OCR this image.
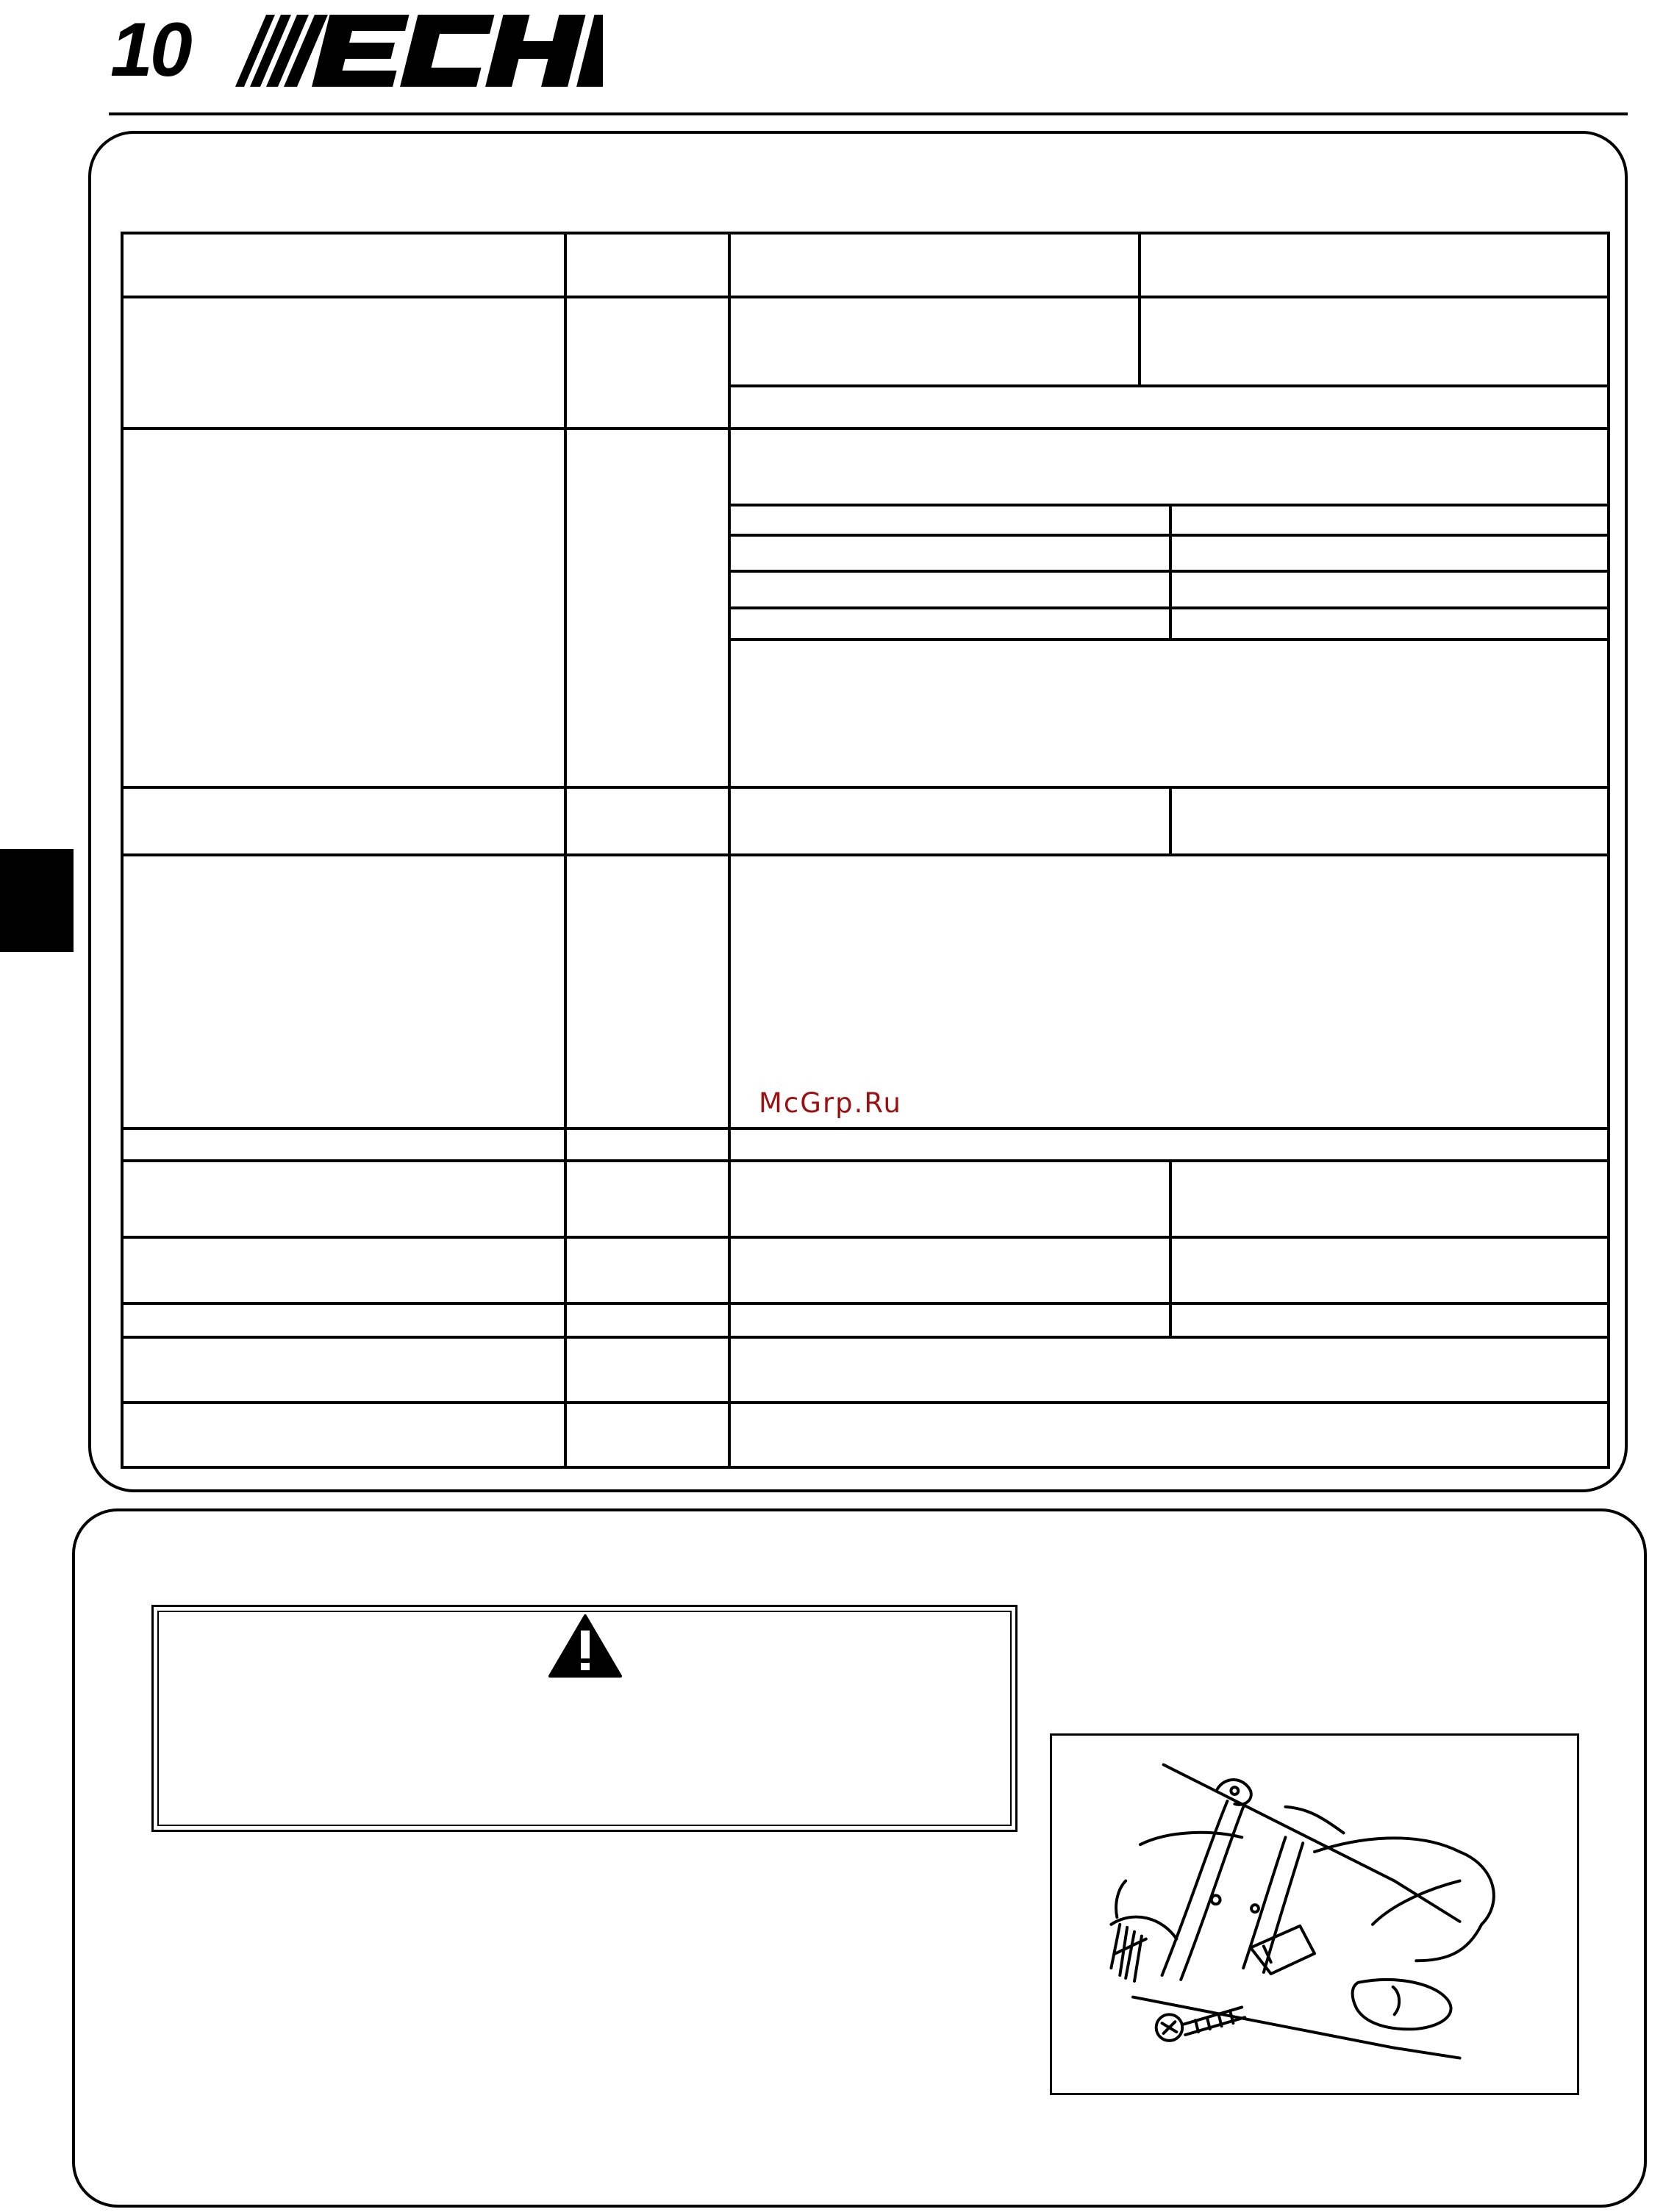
10	®
McGrp.Ru
